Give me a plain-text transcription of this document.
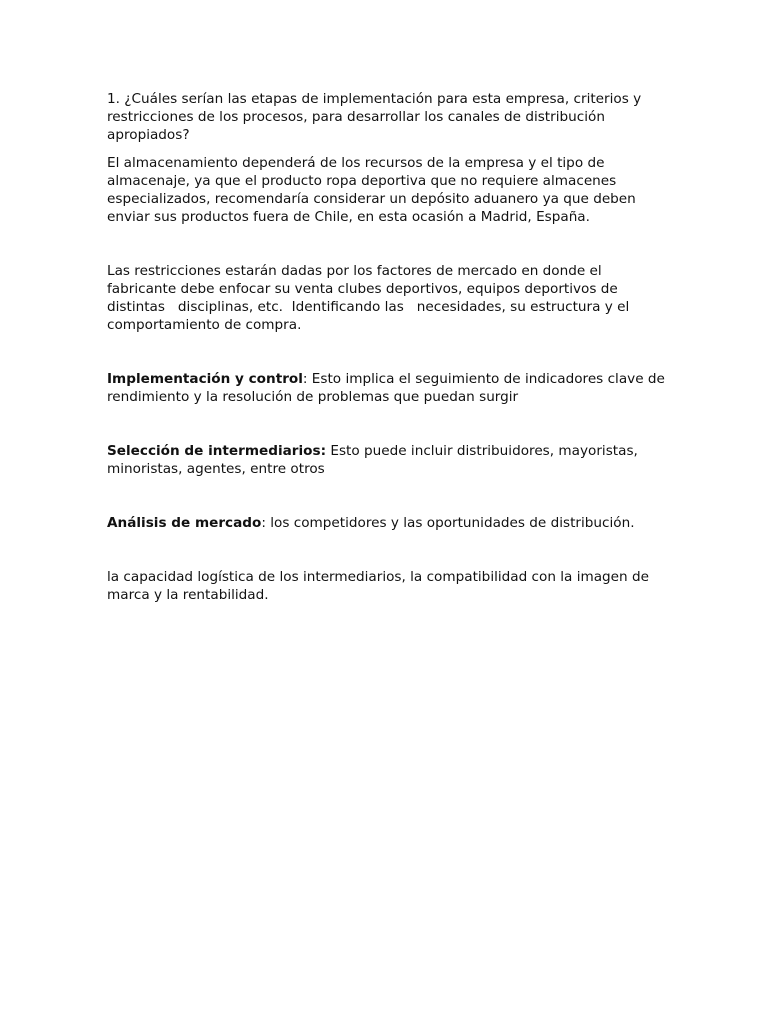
1. ¿Cuáles serían las etapas de implementación para esta empresa, criterios y restricciones de los procesos, para desarrollar los canales de distribución apropiados?

El almacenamiento dependerá de los recursos de la empresa y el tipo de almacenaje, ya que el producto ropa deportiva que no requiere almacenes especializados, recomendaría considerar un depósito aduanero ya que deben enviar sus productos fuera de Chile, en esta ocasión a Madrid, España.

Las restricciones estarán dadas por los factores de mercado en donde el fabricante debe enfocar su venta clubes deportivos, equipos deportivos de distintas   disciplinas, etc.  Identificando las   necesidades, su estructura y el comportamiento de compra.

Implementación y control: Esto implica el seguimiento de indicadores clave de rendimiento y la resolución de problemas que puedan surgir

Selección de intermediarios: Esto puede incluir distribuidores, mayoristas, minoristas, agentes, entre otros

Análisis de mercado: los competidores y las oportunidades de distribución.

la capacidad logística de los intermediarios, la compatibilidad con la imagen de marca y la rentabilidad.
